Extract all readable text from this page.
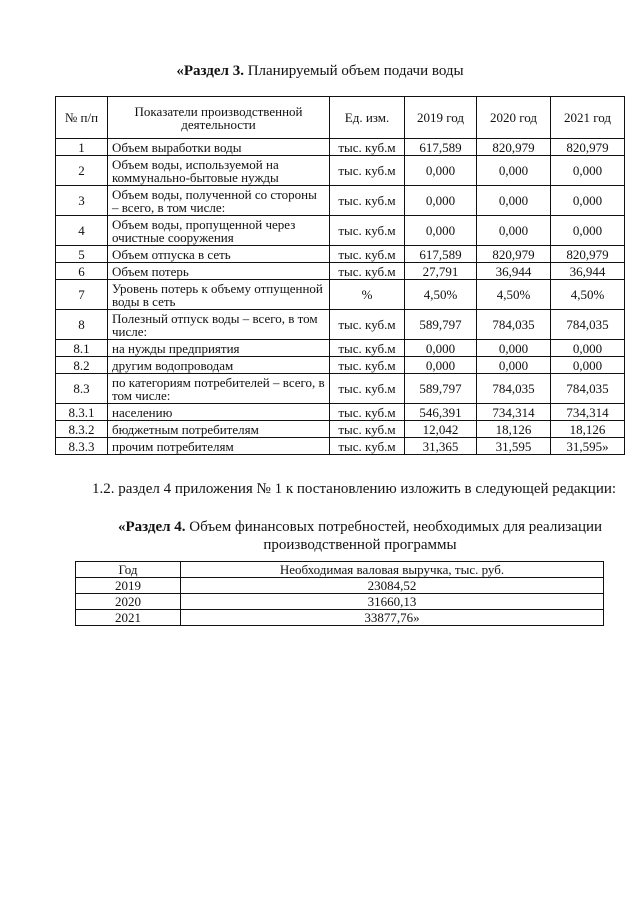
«Раздел 3. Планируемый объем подачи воды
№ п/п	Показатели производственной деятельности	Ед. изм.	2019 год	2020 год	2021 год
1	Объем выработки воды	тыс. куб.м	617,589	820,979	820,979
2	Объем воды, используемой на коммунально-бытовые нужды	тыс. куб.м	0,000	0,000	0,000
3	Объем воды, полученной со стороны – всего, в том числе:	тыс. куб.м	0,000	0,000	0,000
4	Объем воды, пропущенной через очистные сооружения	тыс. куб.м	0,000	0,000	0,000
5	Объем отпуска в сеть	тыс. куб.м	617,589	820,979	820,979
6	Объем потерь	тыс. куб.м	27,791	36,944	36,944
7	Уровень потерь к объему отпущенной воды в сеть	%	4,50%	4,50%	4,50%
8	Полезный отпуск воды – всего, в том числе:	тыс. куб.м	589,797	784,035	784,035
8.1	на нужды предприятия	тыс. куб.м	0,000	0,000	0,000
8.2	другим водопроводам	тыс. куб.м	0,000	0,000	0,000
8.3	по категориям потребителей – всего, в том числе:	тыс. куб.м	589,797	784,035	784,035
8.3.1	населению	тыс. куб.м	546,391	734,314	734,314
8.3.2	бюджетным потребителям	тыс. куб.м	12,042	18,126	18,126
8.3.3	прочим потребителям	тыс. куб.м	31,365	31,595	31,595»
1.2. раздел 4 приложения № 1 к постановлению изложить в следующей редакции:
«Раздел 4. Объем финансовых потребностей, необходимых для реализации производственной программы
Год	Необходимая валовая выручка, тыс. руб.
2019	23084,52
2020	31660,13
2021	33877,76»
